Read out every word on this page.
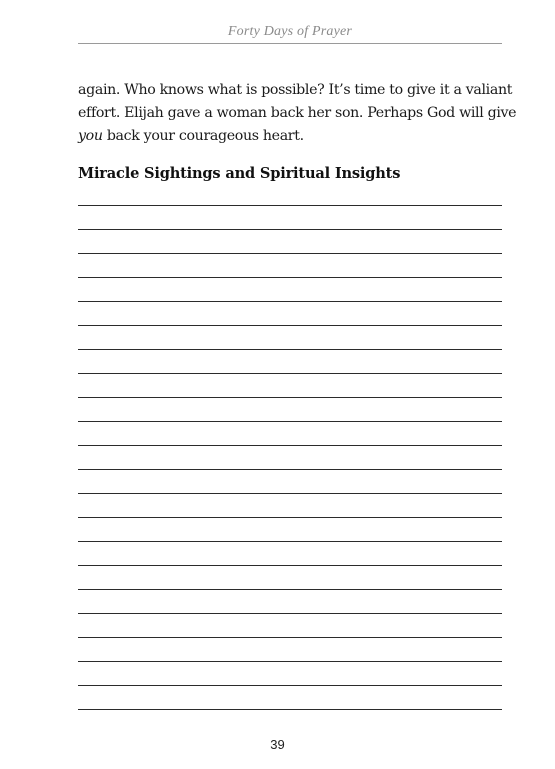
Forty Days of Prayer

again. Who knows what is possible? It’s time to give it a valiant
effort. Elijah gave a woman back her son. Perhaps God will give
you back your courageous heart.

Miracle Sightings and Spiritual Insights
39
